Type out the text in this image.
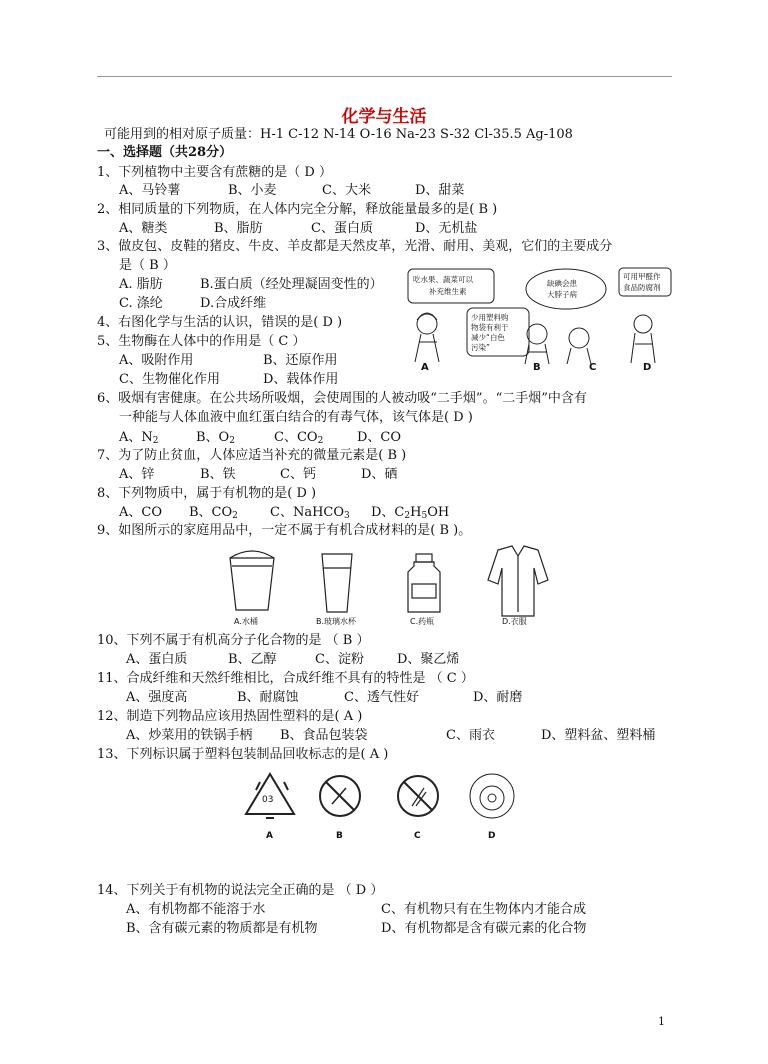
化学与生活
可能用到的相对原子质量：H-1 C-12 N-14 O-16 Na-23 S-32 Cl-35.5 Ag-108
一、选择题（共28分）
1、下列植物中主要含有蔗糖的是（ D ）
A、马铃薯	B、小麦	C、大米	D、甜菜
2、相同质量的下列物质，在人体内完全分解，释放能量最多的是( B )
A、糖类	B、脂肪	C、蛋白质	D、无机盐
3、做皮包、皮鞋的猪皮、牛皮、羊皮都是天然皮革，光滑、耐用、美观，它们的主要成分
是（ B ）
A. 脂肪	B.蛋白质（经处理凝固变性的）
C. 涤纶	D.合成纤维
4、右图化学与生活的认识，错误的是( D )
吃水果、蔬菜可以
补充维生素
少用塑料购
物袋有利于
减少“白色
污染”
缺碘会患
大脖子病
可用甲醛作
食品防腐剂
A	B	C	D
5、生物酶在人体中的作用是（ C ）
A、吸附作用	B、还原作用
C、生物催化作用	D、载体作用
6、吸烟有害健康。在公共场所吸烟，会使周围的人被动吸“二手烟”。“二手烟”中含有
一种能与人体血液中血红蛋白结合的有毒气体，该气体是( D )
A、$N_2$	B、$O_2$	C、$CO_2$	D、CO
7、为了防止贫血，人体应适当补充的微量元素是( B )
A、锌	B、铁	C、钙	D、硒
8、下列物质中，属于有机物的是( D )
A、CO B、$CO_2$ C、NaHCO$_3$ D、$C_2H_5OH$
9、如图所示的家庭用品中，一定不属于有机合成材料的是( B )。
A.水桶	B.玻璃水杯	C.药瓶	D.衣服
10、下列不属于有机高分子化合物的是 （ B ）
A、蛋白质	B、乙醇	C、淀粉	D、聚乙烯
11、合成纤维和天然纤维相比，合成纤维不具有的特性是 （ C ）
A、强度高	B、耐腐蚀	C、透气性好	D、耐磨
12、制造下列物品应该用热固性塑料的是( A )
A、炒菜用的铁锅手柄 B、食品包装袋	C、雨衣	D、塑料盆、塑料桶
13、下列标识属于塑料包装制品回收标志的是( A )
03
A	B	C	D
14、下列关于有机物的说法完全正确的是 （ D ）
A、有机物都不能溶于水	C、有机物只有在生物体内才能合成
B、含有碳元素的物质都是有机物	D、有机物都是含有碳元素的化合物
1
